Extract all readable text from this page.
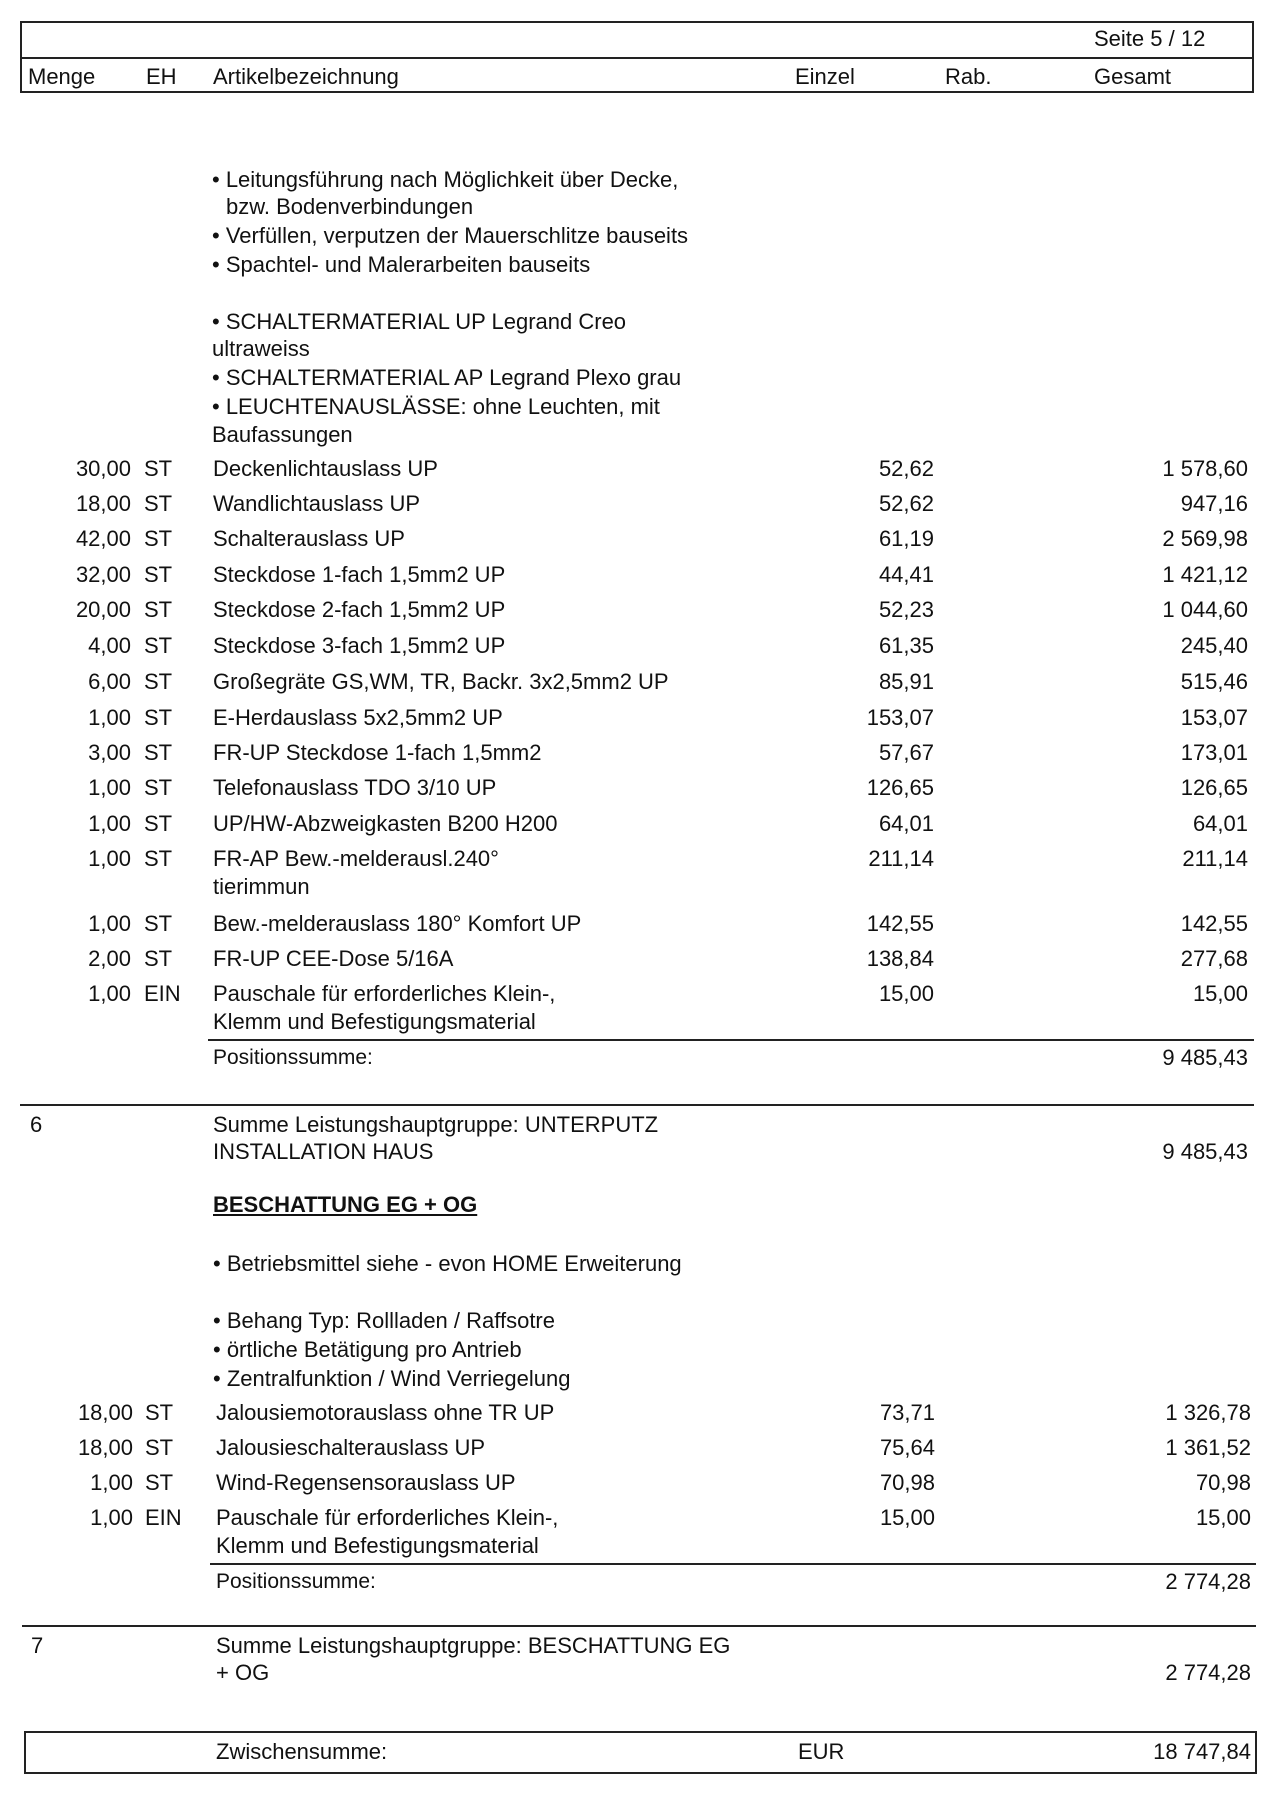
Seite 5 / 12
Menge EH Artikelbezeichnung	Einzel	Rab.	Gesamt
• Leitungsführung nach Möglichkeit über Decke,
bzw. Bodenverbindungen
• Verfüllen, verputzen der Mauerschlitze bauseits
• Spachtel- und Malerarbeiten bauseits
• SCHALTERMATERIAL UP Legrand Creo
ultraweiss
• SCHALTERMATERIAL AP Legrand Plexo grau
• LEUCHTENAUSLÄSSE: ohne Leuchten, mit
Baufassungen
30,00 ST Deckenlichtauslass UP	52,62	1 578,60
18,00 ST Wandlichtauslass UP	52,62	947,16
42,00 ST Schalterauslass UP	61,19	2 569,98
32,00 ST Steckdose 1-fach 1,5mm2 UP	44,41	1 421,12
20,00 ST Steckdose 2-fach 1,5mm2 UP	52,23	1 044,60
4,00 ST Steckdose 3-fach 1,5mm2 UP	61,35	245,40
6,00 ST Großegräte GS,WM, TR, Backr. 3x2,5mm2 UP	85,91	515,46
1,00 ST E-Herdauslass 5x2,5mm2 UP	153,07	153,07
3,00 ST FR-UP Steckdose 1-fach 1,5mm2	57,67	173,01
1,00 ST Telefonauslass TDO 3/10 UP	126,65	126,65
1,00 ST UP/HW-Abzweigkasten B200 H200	64,01	64,01
1,00 ST FR-AP Bew.-melderausl.240°
tierimmun
211,14	211,14
1,00 ST Bew.-melderauslass 180° Komfort UP	142,55	142,55
2,00 ST FR-UP CEE-Dose 5/16A	138,84	277,68
1,00 EIN Pauschale für erforderliches Klein-,
Klemm und Befestigungsmaterial
15,00	15,00
Positionssumme:	9 485,43
6	Summe Leistungshauptgruppe: UNTERPUTZ
INSTALLATION HAUS	9 485,43
BESCHATTUNG EG + OG
• Betriebsmittel siehe - evon HOME Erweiterung
• Behang Typ: Rollladen / Raffsotre
• örtliche Betätigung pro Antrieb
• Zentralfunktion / Wind Verriegelung
18,00 ST Jalousiemotorauslass ohne TR UP	73,71	1 326,78
18,00 ST Jalousieschalterauslass UP	75,64	1 361,52
1,00 ST Wind-Regensensorauslass UP	70,98	70,98
1,00 EIN Pauschale für erforderliches Klein-,
Klemm und Befestigungsmaterial
15,00	15,00
Positionssumme:	2 774,28
7	Summe Leistungshauptgruppe: BESCHATTUNG EG
+ OG	2 774,28
Zwischensumme:	EUR	18 747,84
